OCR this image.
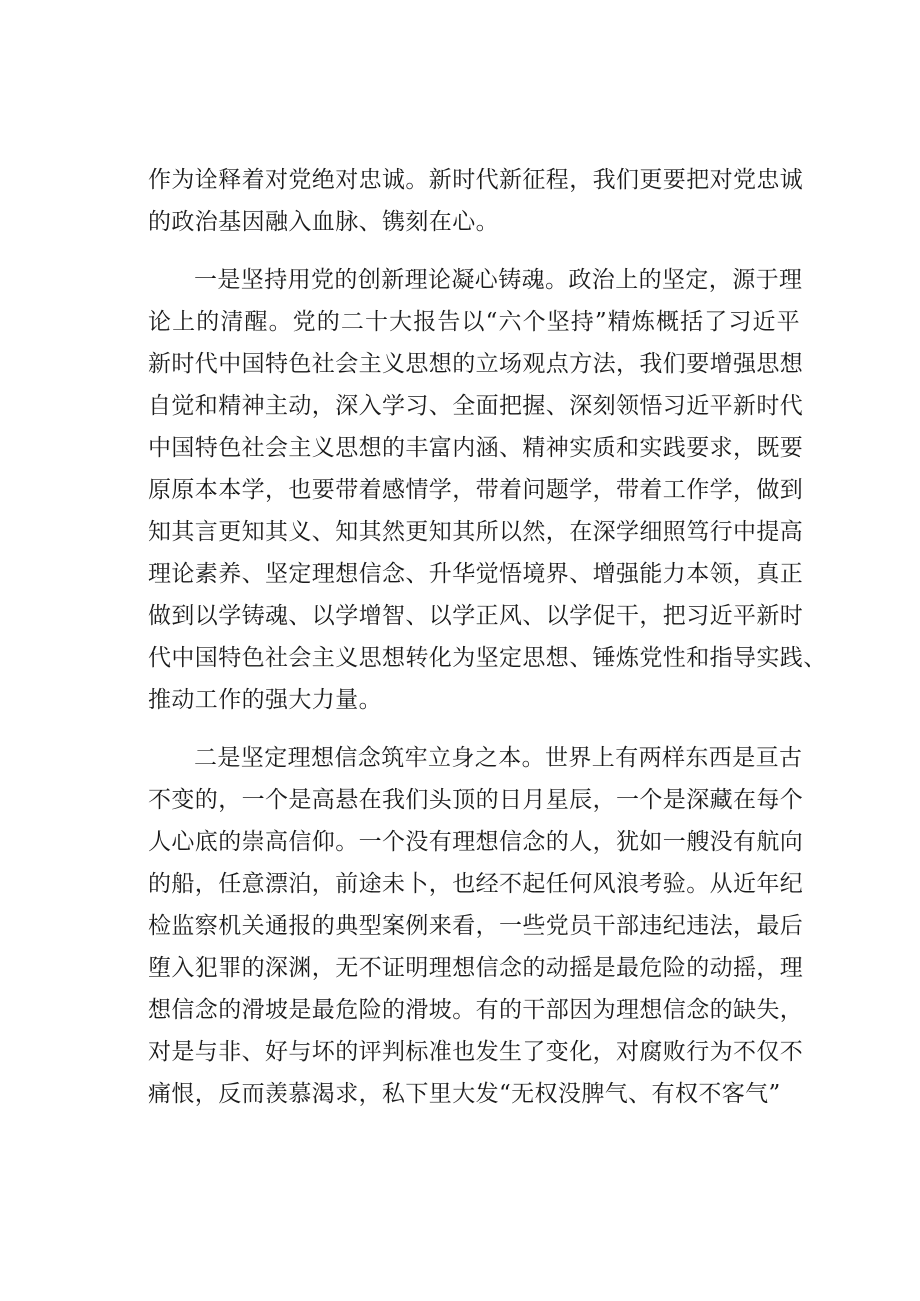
作为诠释着对党绝对忠诚。新时代新征程，我们更要把对党忠诚
的政治基因融入血脉、镌刻在心。
一是坚持用党的创新理论凝心铸魂。政治上的坚定，源于理
论上的清醒。党的二十大报告以“六个坚持”精炼概括了习近平
新时代中国特色社会主义思想的立场观点方法，我们要增强思想
自觉和精神主动，深入学习、全面把握、深刻领悟习近平新时代
中国特色社会主义思想的丰富内涵、精神实质和实践要求，既要
原原本本学，也要带着感情学，带着问题学，带着工作学，做到
知其言更知其义、知其然更知其所以然，在深学细照笃行中提高
理论素养、坚定理想信念、升华觉悟境界、增强能力本领，真正
做到以学铸魂、以学增智、以学正风、以学促干，把习近平新时
代中国特色社会主义思想转化为坚定思想、锤炼党性和指导实践、
推动工作的强大力量。
二是坚定理想信念筑牢立身之本。世界上有两样东西是亘古
不变的，一个是高悬在我们头顶的日月星辰，一个是深藏在每个
人心底的崇高信仰。一个没有理想信念的人，犹如一艘没有航向
的船，任意漂泊，前途未卜，也经不起任何风浪考验。从近年纪
检监察机关通报的典型案例来看，一些党员干部违纪违法，最后
堕入犯罪的深渊，无不证明理想信念的动摇是最危险的动摇，理
想信念的滑坡是最危险的滑坡。有的干部因为理想信念的缺失，
对是与非、好与坏的评判标准也发生了变化，对腐败行为不仅不
痛恨，反而羡慕渴求，私下里大发“无权没脾气、有权不客气”
